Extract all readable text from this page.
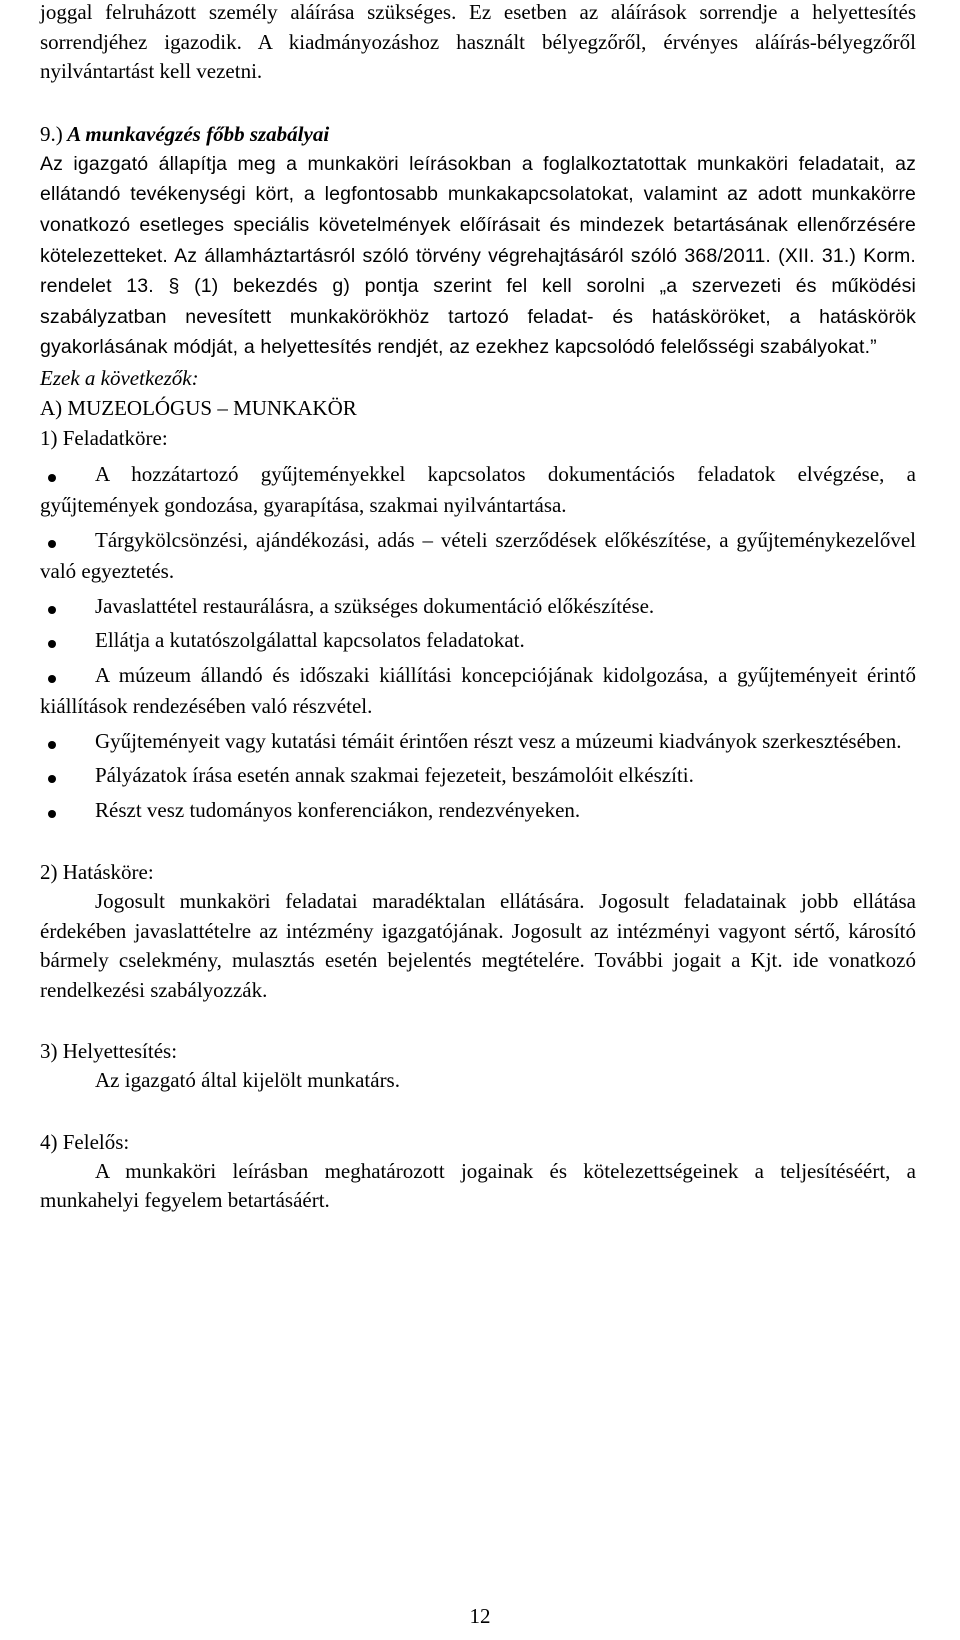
joggal felruházott személy aláírása szükséges. Ez esetben az aláírások sorrendje a helyettesítés sorrendjéhez igazodik. A kiadmányozáshoz használt bélyegzőről, érvényes aláírás-bélyegzőről nyilvántartást kell vezetni.

9.) A munkavégzés főbb szabályai

Az igazgató állapítja meg a munkaköri leírásokban a foglalkoztatottak munkaköri feladatait, az ellátandó tevékenységi kört, a legfontosabb munkakapcsolatokat, valamint az adott munkakörre vonatkozó esetleges speciális követelmények előírásait és mindezek betartásának ellenőrzésére kötelezetteket. Az államháztartásról szóló törvény végrehajtásáról szóló 368/2011. (XII. 31.) Korm. rendelet 13. § (1) bekezdés g) pontja szerint fel kell sorolni „a szervezeti és működési szabályzatban nevesített munkakörökhöz tartozó feladat- és hatásköröket, a hatáskörök gyakorlásának módját, a helyettesítés rendjét, az ezekhez kapcsolódó felelősségi szabályokat.”

Ezek a következők:

A) MUZEOLÓGUS – MUNKAKÖR

1) Feladatköre:

A hozzátartozó gyűjteményekkel kapcsolatos dokumentációs feladatok elvégzése, a gyűjtemények gondozása, gyarapítása, szakmai nyilvántartása.
Tárgykölcsönzési, ajándékozási, adás – vételi szerződések előkészítése, a gyűjteménykezelővel való egyeztetés.
Javaslattétel restaurálásra, a szükséges dokumentáció előkészítése.
Ellátja a kutatószolgálattal kapcsolatos feladatokat.
A múzeum állandó és időszaki kiállítási koncepciójának kidolgozása, a gyűjteményeit érintő kiállítások rendezésében való részvétel.
Gyűjteményeit vagy kutatási témáit érintően részt vesz a múzeumi kiadványok szerkesztésében.
Pályázatok írása esetén annak szakmai fejezeteit, beszámolóit elkészíti.
Részt vesz tudományos konferenciákon, rendezvényeken.

2) Hatásköre:

Jogosult munkaköri feladatai maradéktalan ellátására. Jogosult feladatainak jobb ellátása érdekében javaslattételre az intézmény igazgatójának. Jogosult az intézményi vagyont sértő, károsító bármely cselekmény, mulasztás esetén bejelentés megtételére. További jogait a Kjt. ide vonatkozó rendelkezési szabályozzák.

3) Helyettesítés:

Az igazgató által kijelölt munkatárs.

4) Felelős:

A munkaköri leírásban meghatározott jogainak és kötelezettségeinek a teljesítéséért, a munkahelyi fegyelem betartásáért.

12
